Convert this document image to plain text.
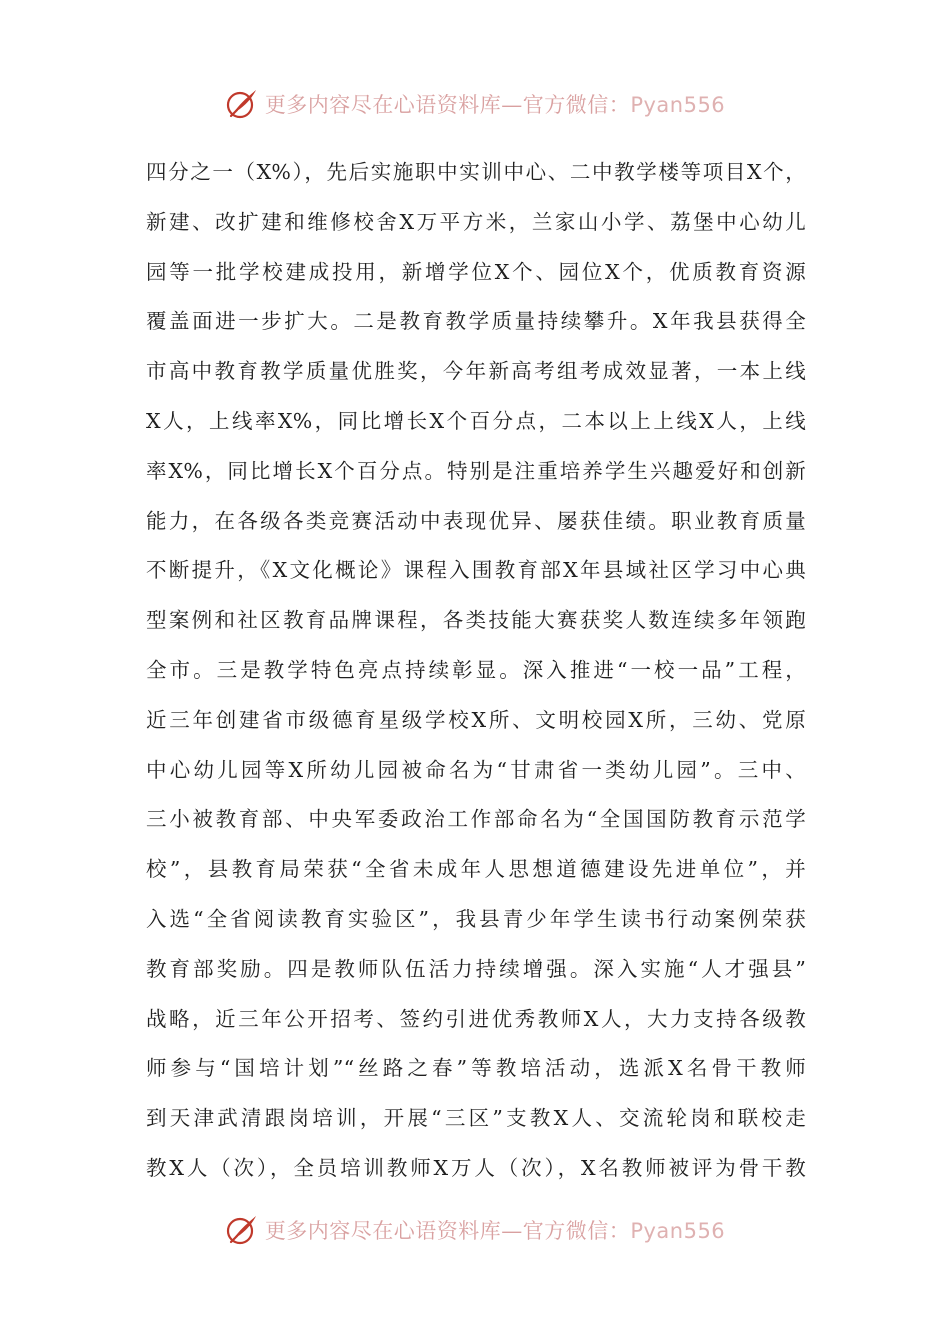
更多内容尽在心语资料库—官方微信：Pyan556
四分之一（X%），先后实施职中实训中心、二中教学楼等项目X个，
新建、改扩建和维修校舍X万平方米，兰家山小学、荔堡中心幼儿
园等一批学校建成投用，新增学位X个、园位X个，优质教育资源
覆盖面进一步扩大。二是教育教学质量持续攀升。X年我县获得全
市高中教育教学质量优胜奖，今年新高考组考成效显著，一本上线
X人，上线率X%，同比增长X个百分点，二本以上上线X人，上线
率X%，同比增长X个百分点。特别是注重培养学生兴趣爱好和创新
能力，在各级各类竞赛活动中表现优异、屡获佳绩。职业教育质量
不断提升，《X文化概论》课程入围教育部X年县域社区学习中心典
型案例和社区教育品牌课程，各类技能大赛获奖人数连续多年领跑
全市。三是教学特色亮点持续彰显。深入推进“一校一品”工程，
近三年创建省市级德育星级学校X所、文明校园X所，三幼、党原
中心幼儿园等X所幼儿园被命名为“甘肃省一类幼儿园”。三中、
三小被教育部、中央军委政治工作部命名为“全国国防教育示范学
校”，县教育局荣获“全省未成年人思想道德建设先进单位”，并
入选“全省阅读教育实验区”，我县青少年学生读书行动案例荣获
教育部奖励。四是教师队伍活力持续增强。深入实施“人才强县”
战略，近三年公开招考、签约引进优秀教师X人，大力支持各级教
师参与“国培计划”“丝路之春”等教培活动，选派X名骨干教师
到天津武清跟岗培训，开展“三区”支教X人、交流轮岗和联校走
教X人（次），全员培训教师X万人（次），X名教师被评为骨干教
更多内容尽在心语资料库—官方微信：Pyan556
